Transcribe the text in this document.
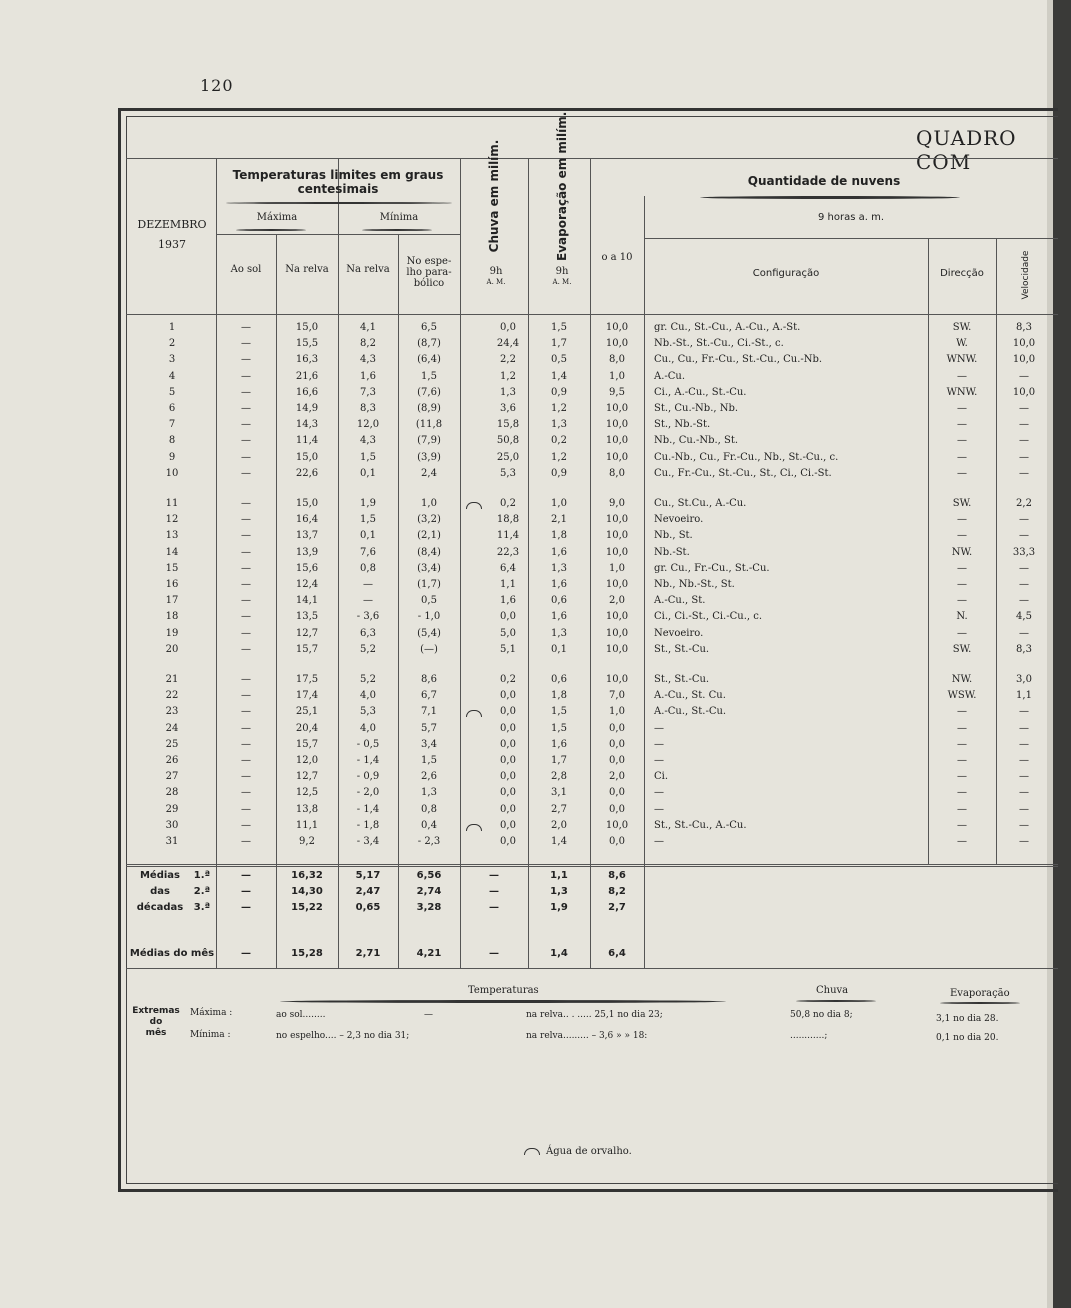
120
QUADRO COM
DEZEMBRO
1937
Temperaturas limites em graus centesimais
Máxima	Mínima
Ao sol	Na relva	Na relva
No espe-lho para-bólico
Chuva em milím.	Evaporação em milím.
9h
A. M.
9h
A. M.
Quantidade de nuvens
o a 10
9 horas a. m.
Configuração	Direcção	Velocidade
1	—	15,0	4,1	6,5	0,0	1,5	10,0	gr. Cu., St.-Cu., A.-Cu., A.-St.	SW.	8,3
2	—	15,5	8,2	(8,7)	24,4	1,7	10,0	Nb.-St., St.-Cu., Ci.-St., c.	W.	10,0
3	—	16,3	4,3	(6,4)	2,2	0,5	8,0	Cu., Cu., Fr.-Cu., St.-Cu., Cu.-Nb.	WNW.	10,0
4	—	21,6	1,6	1,5	1,2	1,4	1,0	A.-Cu.	—	—
5	—	16,6	7,3	(7,6)	1,3	0,9	9,5	Ci., A.-Cu., St.-Cu.	WNW.	10,0
6	—	14,9	8,3	(8,9)	3,6	1,2	10,0	St., Cu.-Nb., Nb.	—	—
7	—	14,3	12,0	(11,8	15,8	1,3	10,0	St., Nb.-St.	—	—
8	—	11,4	4,3	(7,9)	50,8	0,2	10,0	Nb., Cu.-Nb., St.	—	—
9	—	15,0	1,5	(3,9)	25,0	1,2	10,0	Cu.-Nb., Cu., Fr.-Cu., Nb., St.-Cu., c.	—	—
10	—	22,6	0,1	2,4	5,3	0,9	8,0	Cu., Fr.-Cu., St.-Cu., St., Ci., Ci.-St.	—	—
11	—	15,0	1,9	1,0	0,2	1,0	9,0	Cu., St.Cu., A.-Cu.	SW.	2,2
12	—	16,4	1,5	(3,2)	18,8	2,1	10,0	Nevoeiro.	—	—
13	—	13,7	0,1	(2,1)	11,4	1,8	10,0	Nb., St.	—	—
14	—	13,9	7,6	(8,4)	22,3	1,6	10,0	Nb.-St.	NW.	33,3
15	—	15,6	0,8	(3,4)	6,4	1,3	1,0	gr. Cu., Fr.-Cu., St.-Cu.	—	—
16	—	12,4	—	(1,7)	1,1	1,6	10,0	Nb., Nb.-St., St.	—	—
17	—	14,1	—	0,5	1,6	0,6	2,0	A.-Cu., St.	—	—
18	—	13,5	- 3,6	- 1,0	0,0	1,6	10,0	Ci., Ci.-St., Ci.-Cu., c.	N.	4,5
19	—	12,7	6,3	(5,4)	5,0	1,3	10,0	Nevoeiro.	—	—
20	—	15,7	5,2	(—)	5,1	0,1	10,0	St., St.-Cu.	SW.	8,3
21	—	17,5	5,2	8,6	0,2	0,6	10,0	St., St.-Cu.	NW.	3,0
22	—	17,4	4,0	6,7	0,0	1,8	7,0	A.-Cu., St. Cu.	WSW.	1,1
23	—	25,1	5,3	7,1	0,0	1,5	1,0	A.-Cu., St.-Cu.	—	—
24	—	20,4	4,0	5,7	0,0	1,5	0,0	—	—	—
25	—	15,7	- 0,5	3,4	0,0	1,6	0,0	—	—	—
26	—	12,0	- 1,4	1,5	0,0	1,7	0,0	—	—	—
27	—	12,7	- 0,9	2,6	0,0	2,8	2,0	Ci.	—	—
28	—	12,5	- 2,0	1,3	0,0	3,1	0,0	—	—	—
29	—	13,8	- 1,4	0,8	0,0	2,7	0,0	—	—	—
30	—	11,1	- 1,8	0,4	0,0	2,0	10,0	St., St.-Cu., A.-Cu.	—	—
31	—	9,2	- 3,4	- 2,3	0,0	1,4	0,0	—	—	—
Médias
das
décadas
1.ª	—	16,32	5,17	6,56	—	1,1	8,6
2.ª	—	14,30	2,47	2,74	—	1,3	8,2
3.ª	—	15,22	0,65	3,28	—	1,9	2,7
Médias do mês	—	15,28	2,71	4,21	—	1,4	6,4
Temperaturas	Chuva	Evaporação
Extremas
do
mês
Máxima :
Mínima :
ao sol........	—	na relva.. . ..... 25,1 no dia 23;
no espelho.... – 2,3 no dia 31;	na relva......... – 3,6 » » 18:
50,8 no dia 8;
............;
3,1 no dia 28.
0,1 no dia 20.
Água de orvalho.
